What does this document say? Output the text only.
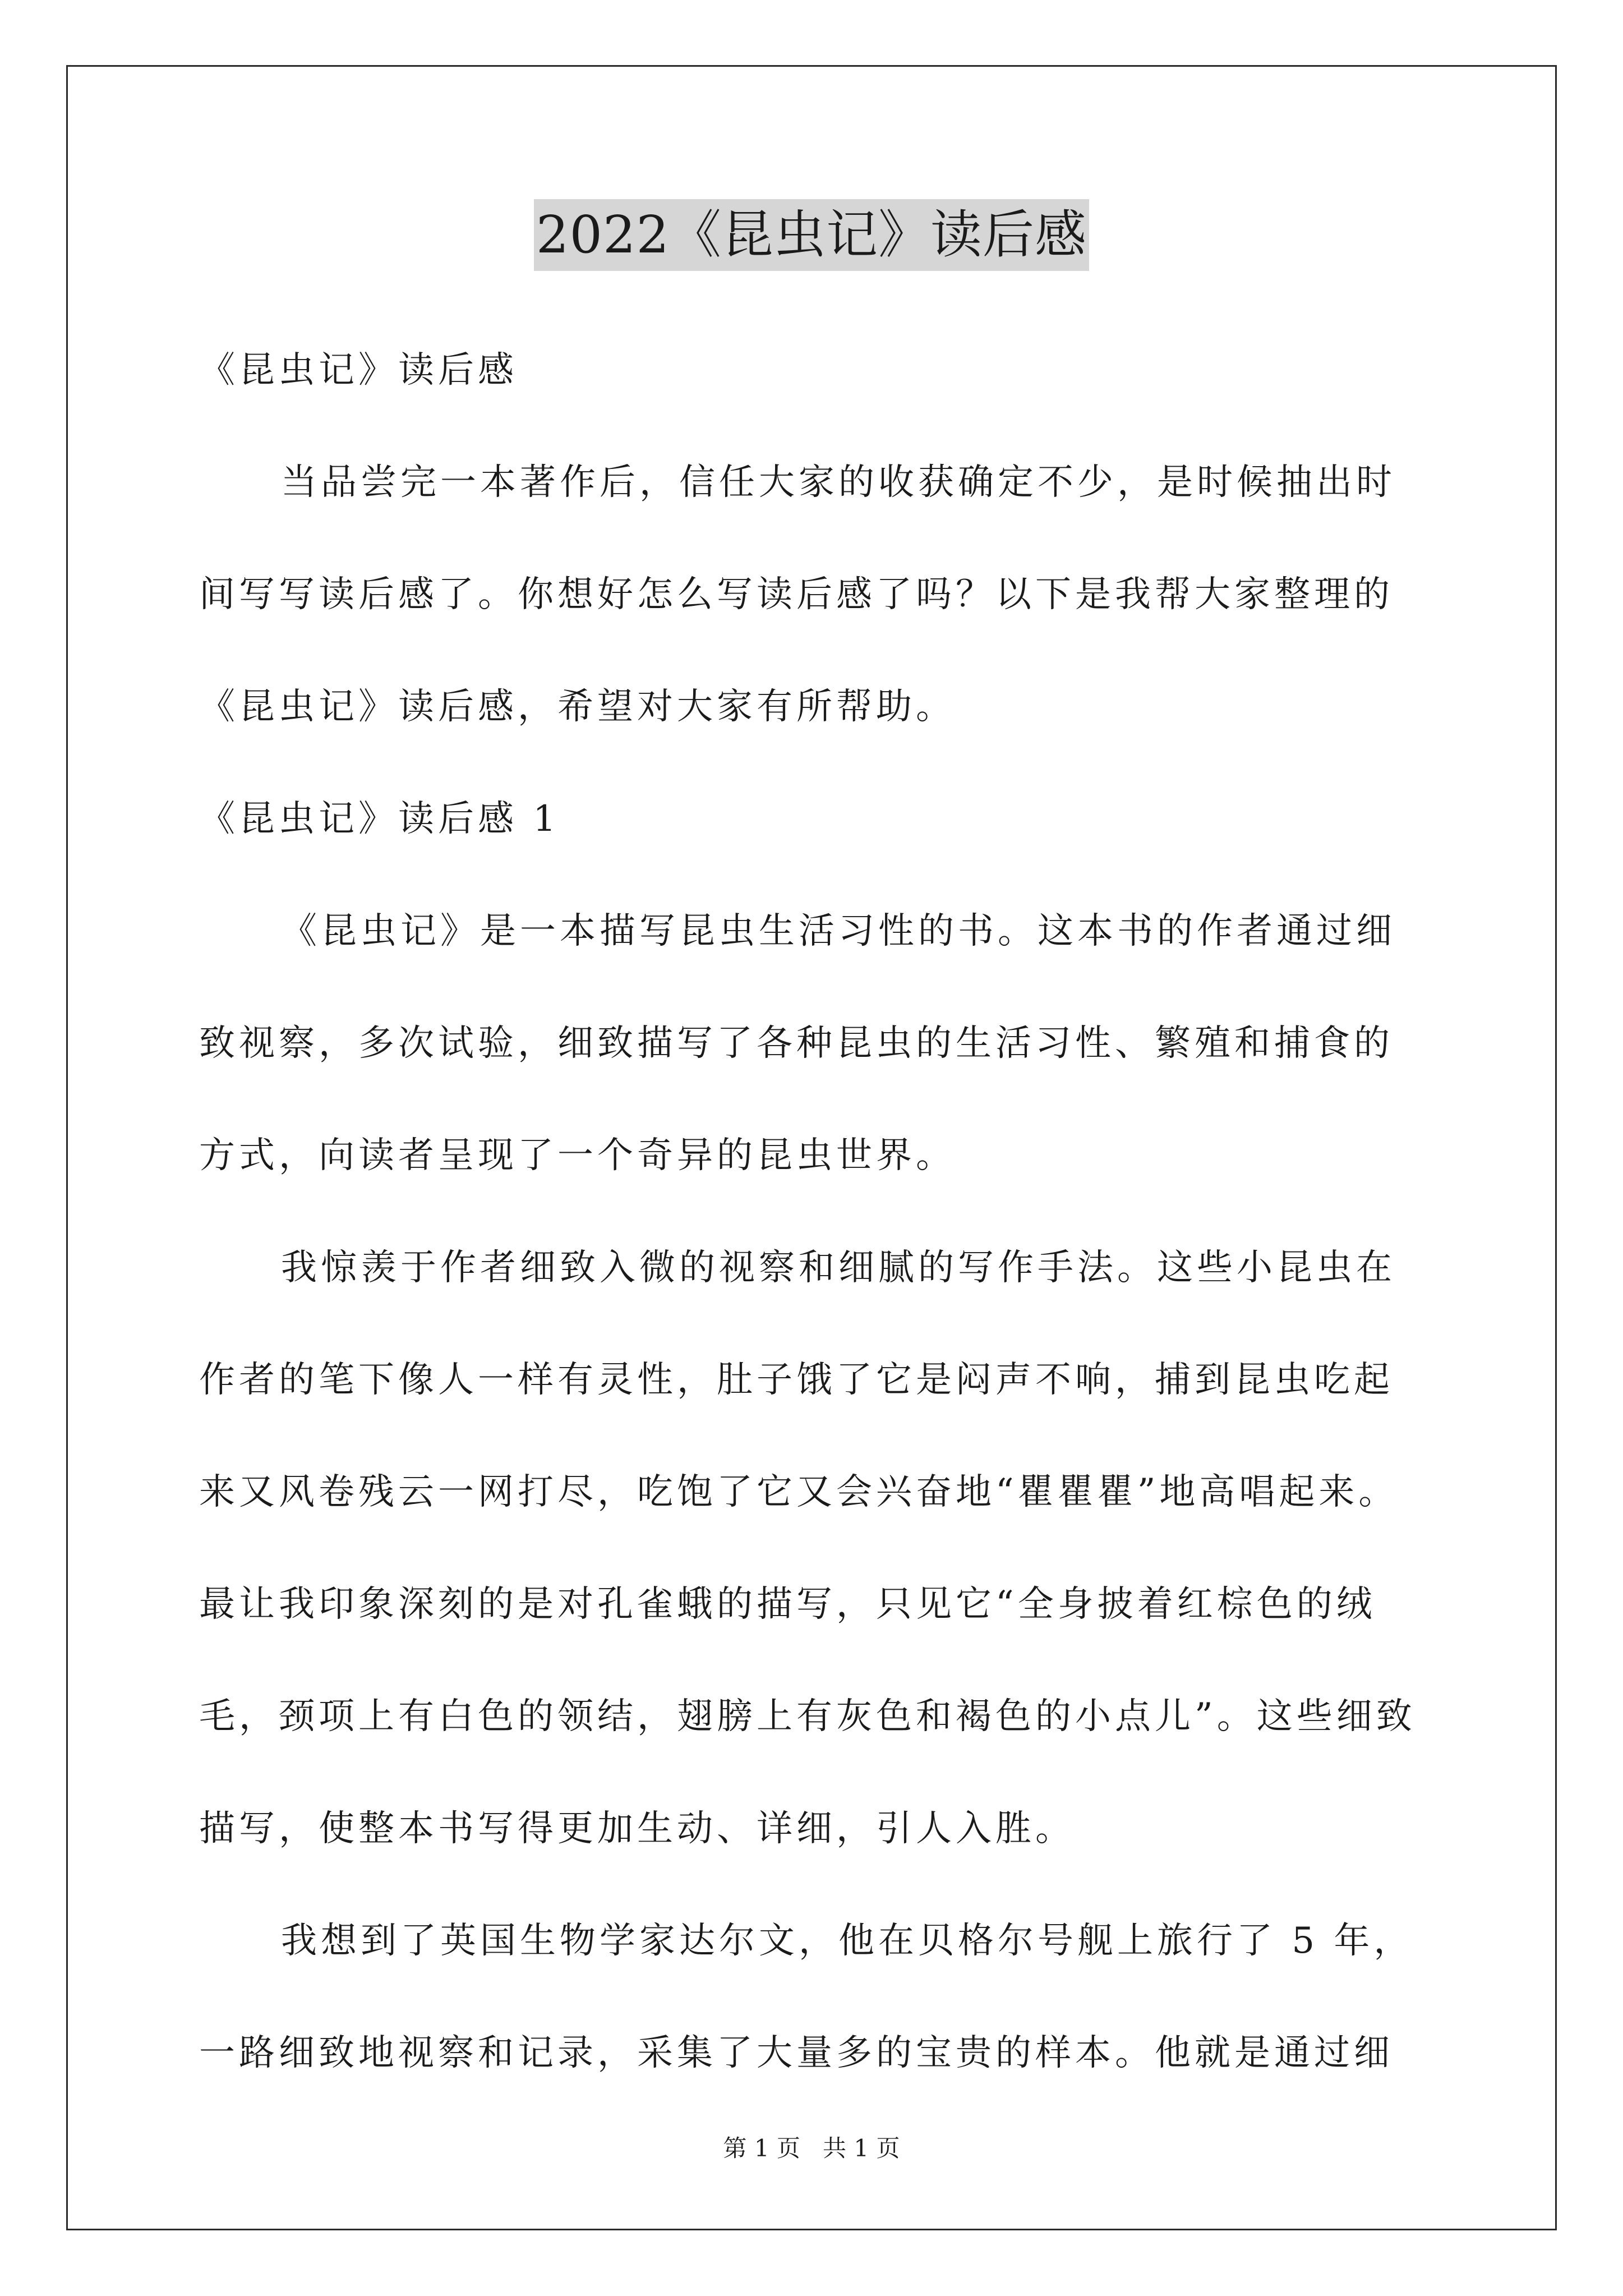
2022《昆虫记》读后感
《昆虫记》读后感
当品尝完一本著作后，信任大家的收获确定不少，是时候抽出时
间写写读后感了。你想好怎么写读后感了吗？以下是我帮大家整理的
《昆虫记》读后感，希望对大家有所帮助。
《昆虫记》读后感 1
《昆虫记》是一本描写昆虫生活习性的书。这本书的作者通过细
致视察，多次试验，细致描写了各种昆虫的生活习性、繁殖和捕食的
方式，向读者呈现了一个奇异的昆虫世界。
我惊羡于作者细致入微的视察和细腻的写作手法。这些小昆虫在
作者的笔下像人一样有灵性，肚子饿了它是闷声不响，捕到昆虫吃起
来又风卷残云一网打尽，吃饱了它又会兴奋地“瞿瞿瞿”地高唱起来。
最让我印象深刻的是对孔雀蛾的描写，只见它“全身披着红棕色的绒
毛，颈项上有白色的领结，翅膀上有灰色和褐色的小点儿”。这些细致
描写，使整本书写得更加生动、详细，引人入胜。
我想到了英国生物学家达尔文，他在贝格尔号舰上旅行了 5 年，
一路细致地视察和记录，采集了大量多的宝贵的样本。他就是通过细
第 1 页   共 1 页
